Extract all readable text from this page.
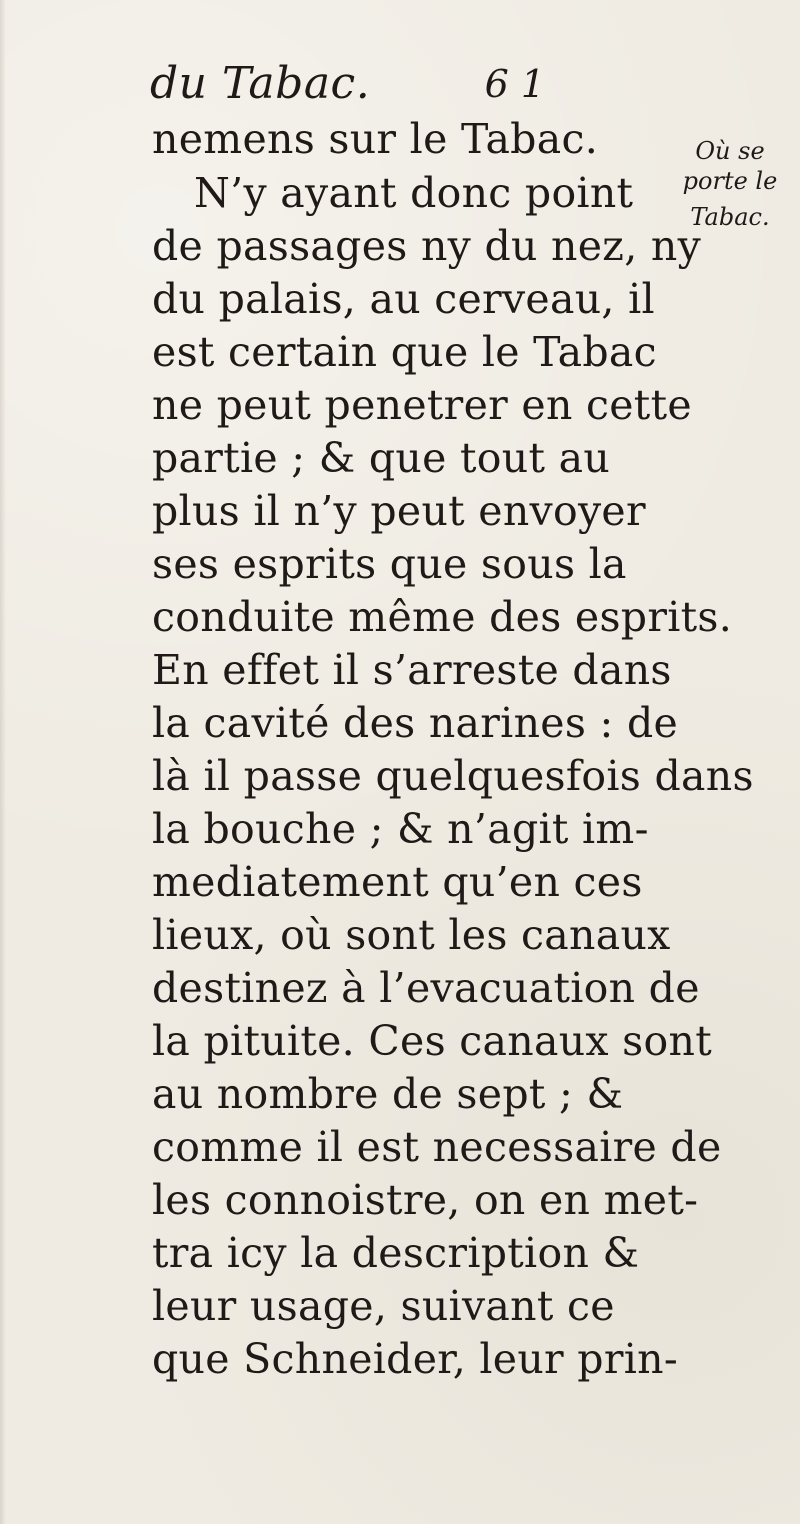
du Tabac.	6 1
Où se
porte le
Tabac.
nemens sur le Tabac.
N’y ayant donc point
de passages ny du nez, ny
du palais, au cerveau, il
est certain que le Tabac
ne peut penetrer en cette
partie ; & que tout au
plus il n’y peut envoyer
ses esprits que sous la
conduite même des esprits.
En effet il s’arreste dans
la cavité des narines : de
là il passe quelquesfois dans
la bouche ; & n’agit im-
mediatement qu’en ces
lieux, où sont les canaux
destinez à l’evacuation de
la pituite. Ces canaux sont
au nombre de sept ; &
comme il est necessaire de
les connoistre, on en met-
tra icy la description &
leur usage, suivant ce
que Schneider, leur prin-
